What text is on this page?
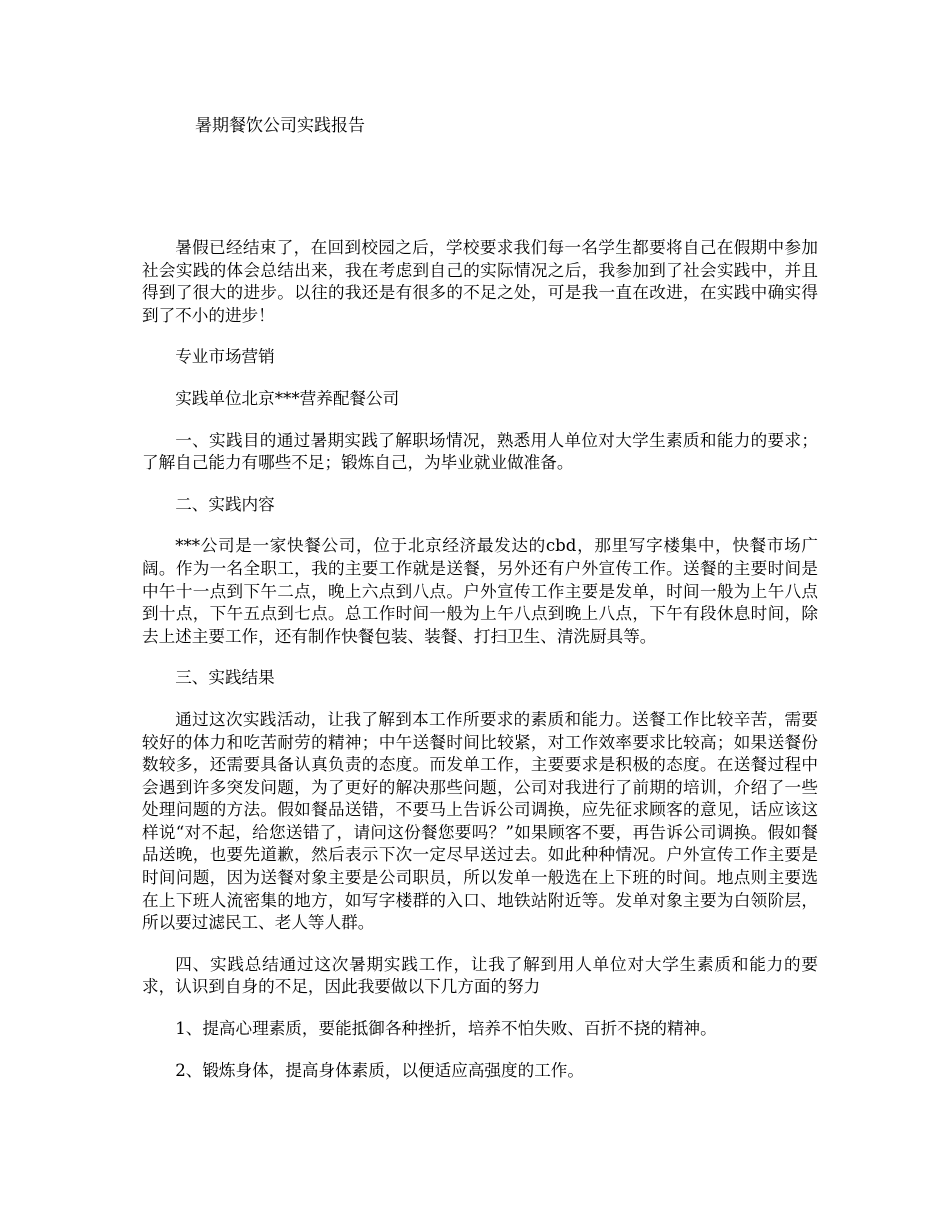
暑期餐饮公司实践报告

暑假已经结束了，在回到校园之后，学校要求我们每一名学生都要将自己在假期中参加社会实践的体会总结出来，我在考虑到自己的实际情况之后，我参加到了社会实践中，并且得到了很大的进步。以往的我还是有很多的不足之处，可是我一直在改进，在实践中确实得到了不小的进步！

专业市场营销

实践单位北京***营养配餐公司

一、实践目的通过暑期实践了解职场情况，熟悉用人单位对大学生素质和能力的要求；了解自己能力有哪些不足；锻炼自己，为毕业就业做准备。

二、实践内容

***公司是一家快餐公司，位于北京经济最发达的cbd，那里写字楼集中，快餐市场广阔。作为一名全职工，我的主要工作就是送餐，另外还有户外宣传工作。送餐的主要时间是中午十一点到下午二点，晚上六点到八点。户外宣传工作主要是发单，时间一般为上午八点到十点，下午五点到七点。总工作时间一般为上午八点到晚上八点，下午有段休息时间，除去上述主要工作，还有制作快餐包装、装餐、打扫卫生、清洗厨具等。

三、实践结果

通过这次实践活动，让我了解到本工作所要求的素质和能力。送餐工作比较辛苦，需要较好的体力和吃苦耐劳的精神；中午送餐时间比较紧，对工作效率要求比较高；如果送餐份数较多，还需要具备认真负责的态度。而发单工作，主要要求是积极的态度。在送餐过程中会遇到许多突发问题，为了更好的解决那些问题，公司对我进行了前期的培训，介绍了一些处理问题的方法。假如餐品送错，不要马上告诉公司调换，应先征求顾客的意见，话应该这样说“对不起，给您送错了，请问这份餐您要吗？”如果顾客不要，再告诉公司调换。假如餐品送晚，也要先道歉，然后表示下次一定尽早送过去。如此种种情况。户外宣传工作主要是时间问题，因为送餐对象主要是公司职员，所以发单一般选在上下班的时间。地点则主要选在上下班人流密集的地方，如写字楼群的入口、地铁站附近等。发单对象主要为白领阶层，所以要过滤民工、老人等人群。

四、实践总结通过这次暑期实践工作，让我了解到用人单位对大学生素质和能力的要求，认识到自身的不足，因此我要做以下几方面的努力

1、提高心理素质，要能抵御各种挫折，培养不怕失败、百折不挠的精神。

2、锻炼身体，提高身体素质，以便适应高强度的工作。
